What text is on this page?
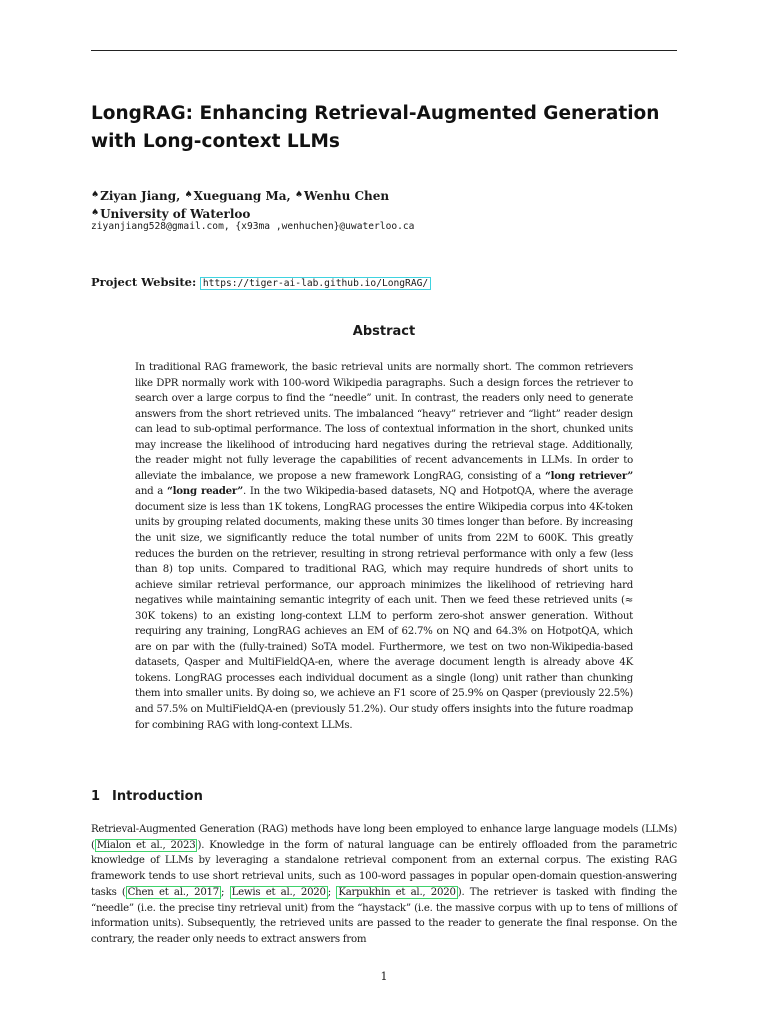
LongRAG: Enhancing Retrieval-Augmented Generation with Long-context LLMs
♠Ziyan Jiang, ♠Xueguang Ma, ♠Wenhu Chen
♠University of Waterloo
ziyanjiang528@gmail.com, {x93ma ,wenhuchen}@uwaterloo.ca
Project Website: https://tiger-ai-lab.github.io/LongRAG/
Abstract
In traditional RAG framework, the basic retrieval units are normally short. The common retrievers like DPR normally work with 100-word Wikipedia paragraphs. Such a design forces the retriever to search over a large corpus to find the “needle” unit. In contrast, the readers only need to generate answers from the short retrieved units. The imbalanced “heavy” retriever and “light” reader design can lead to sub-optimal performance. The loss of contextual information in the short, chunked units may increase the likelihood of introducing hard negatives during the retrieval stage. Additionally, the reader might not fully leverage the capabilities of recent advancements in LLMs. In order to alleviate the imbalance, we propose a new framework LongRAG, consisting of a “long retriever” and a “long reader”. In the two Wikipedia-based datasets, NQ and HotpotQA, where the average document size is less than 1K tokens, LongRAG processes the entire Wikipedia corpus into 4K-token units by grouping related documents, making these units 30 times longer than before. By increasing the unit size, we significantly reduce the total number of units from 22M to 600K. This greatly reduces the burden on the retriever, resulting in strong retrieval performance with only a few (less than 8) top units. Compared to traditional RAG, which may require hundreds of short units to achieve similar retrieval performance, our approach minimizes the likelihood of retrieving hard negatives while maintaining semantic integrity of each unit. Then we feed these retrieved units (≈ 30K tokens) to an existing long-context LLM to perform zero-shot answer generation. Without requiring any training, LongRAG achieves an EM of 62.7% on NQ and 64.3% on HotpotQA, which are on par with the (fully-trained) SoTA model. Furthermore, we test on two non-Wikipedia-based datasets, Qasper and MultiFieldQA-en, where the average document length is already above 4K tokens. LongRAG processes each individual document as a single (long) unit rather than chunking them into smaller units. By doing so, we achieve an F1 score of 25.9% on Qasper (previously 22.5%) and 57.5% on MultiFieldQA-en (previously 51.2%). Our study offers insights into the future roadmap for combining RAG with long-context LLMs.
1 Introduction
Retrieval-Augmented Generation (RAG) methods have long been employed to enhance large language models (LLMs) ( Mialon et al., 2023 ). Knowledge in the form of natural language can be entirely offloaded from the parametric knowledge of LLMs by leveraging a standalone retrieval component from an external corpus. The existing RAG framework tends to use short retrieval units, such as 100-word passages in popular open-domain question-answering tasks ( Chen et al., 2017 ; Lewis et al., 2020 ; Karpukhin et al., 2020 ). The retriever is tasked with finding the “needle” (i.e. the precise tiny retrieval unit) from the “haystack” (i.e. the massive corpus with up to tens of millions of information units). Subsequently, the retrieved units are passed to the reader to generate the final response. On the contrary, the reader only needs to extract answers from
1
